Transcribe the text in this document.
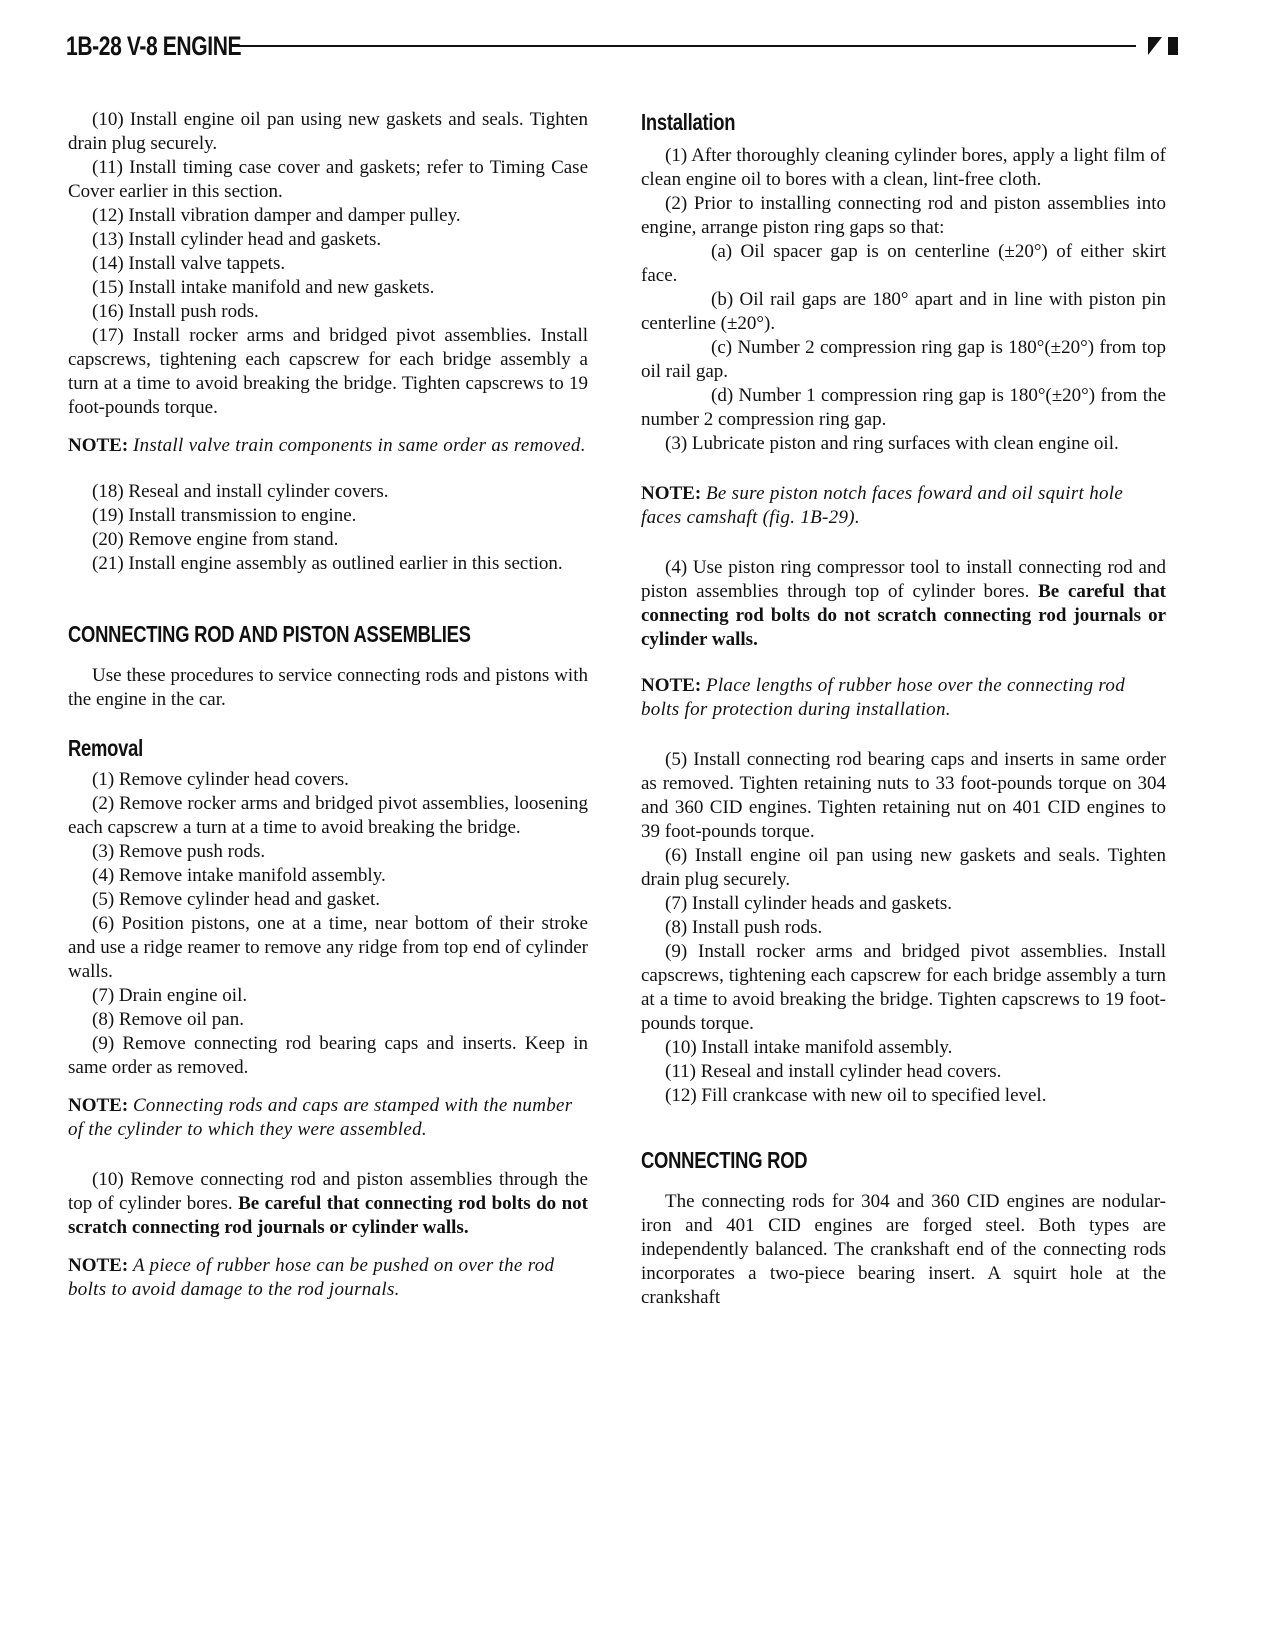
1B-28 V-8 ENGINE

(10) Install engine oil pan using new gaskets and seals. Tighten drain plug securely.

(11) Install timing case cover and gaskets; refer to Timing Case Cover earlier in this section.

(12) Install vibration damper and damper pulley.

(13) Install cylinder head and gaskets.

(14) Install valve tappets.

(15) Install intake manifold and new gaskets.

(16) Install push rods.

(17) Install rocker arms and bridged pivot assemblies. Install capscrews, tightening each capscrew for each bridge assembly a turn at a time to avoid breaking the bridge. Tighten capscrews to 19 foot-pounds torque.

NOTE: Install valve train components in same order as removed.

(18) Reseal and install cylinder covers.

(19) Install transmission to engine.

(20) Remove engine from stand.

(21) Install engine assembly as outlined earlier in this section.

CONNECTING ROD AND PISTON ASSEMBLIES

Use these procedures to service connecting rods and pistons with the engine in the car.

Removal

(1) Remove cylinder head covers.

(2) Remove rocker arms and bridged pivot assemblies, loosening each capscrew a turn at a time to avoid breaking the bridge.

(3) Remove push rods.

(4) Remove intake manifold assembly.

(5) Remove cylinder head and gasket.

(6) Position pistons, one at a time, near bottom of their stroke and use a ridge reamer to remove any ridge from top end of cylinder walls.

(7) Drain engine oil.

(8) Remove oil pan.

(9) Remove connecting rod bearing caps and inserts. Keep in same order as removed.

NOTE: Connecting rods and caps are stamped with the number of the cylinder to which they were assembled.

(10) Remove connecting rod and piston assemblies through the top of cylinder bores. Be careful that connecting rod bolts do not scratch connecting rod journals or cylinder walls.

NOTE: A piece of rubber hose can be pushed on over the rod bolts to avoid damage to the rod journals.

Installation

(1) After thoroughly cleaning cylinder bores, apply a light film of clean engine oil to bores with a clean, lint-free cloth.

(2) Prior to installing connecting rod and piston assemblies into engine, arrange piston ring gaps so that:

(a) Oil spacer gap is on centerline (±20°) of either skirt face.

(b) Oil rail gaps are 180° apart and in line with piston pin centerline (±20°).

(c) Number 2 compression ring gap is 180°(±20°) from top oil rail gap.

(d) Number 1 compression ring gap is 180°(±20°) from the number 2 compression ring gap.

(3) Lubricate piston and ring surfaces with clean engine oil.

NOTE: Be sure piston notch faces foward and oil squirt hole faces camshaft (fig. 1B-29).

(4) Use piston ring compressor tool to install connecting rod and piston assemblies through top of cylinder bores. Be careful that connecting rod bolts do not scratch connecting rod journals or cylinder walls.

NOTE: Place lengths of rubber hose over the connecting rod bolts for protection during installation.

(5) Install connecting rod bearing caps and inserts in same order as removed. Tighten retaining nuts to 33 foot-pounds torque on 304 and 360 CID engines. Tighten retaining nut on 401 CID engines to 39 foot-pounds torque.

(6) Install engine oil pan using new gaskets and seals. Tighten drain plug securely.

(7) Install cylinder heads and gaskets.

(8) Install push rods.

(9) Install rocker arms and bridged pivot assemblies. Install capscrews, tightening each capscrew for each bridge assembly a turn at a time to avoid breaking the bridge. Tighten capscrews to 19 foot-pounds torque.

(10) Install intake manifold assembly.

(11) Reseal and install cylinder head covers.

(12) Fill crankcase with new oil to specified level.

CONNECTING ROD

The connecting rods for 304 and 360 CID engines are nodular-iron and 401 CID engines are forged steel. Both types are independently balanced. The crankshaft end of the connecting rods incorporates a two-piece bearing insert. A squirt hole at the crankshaft
